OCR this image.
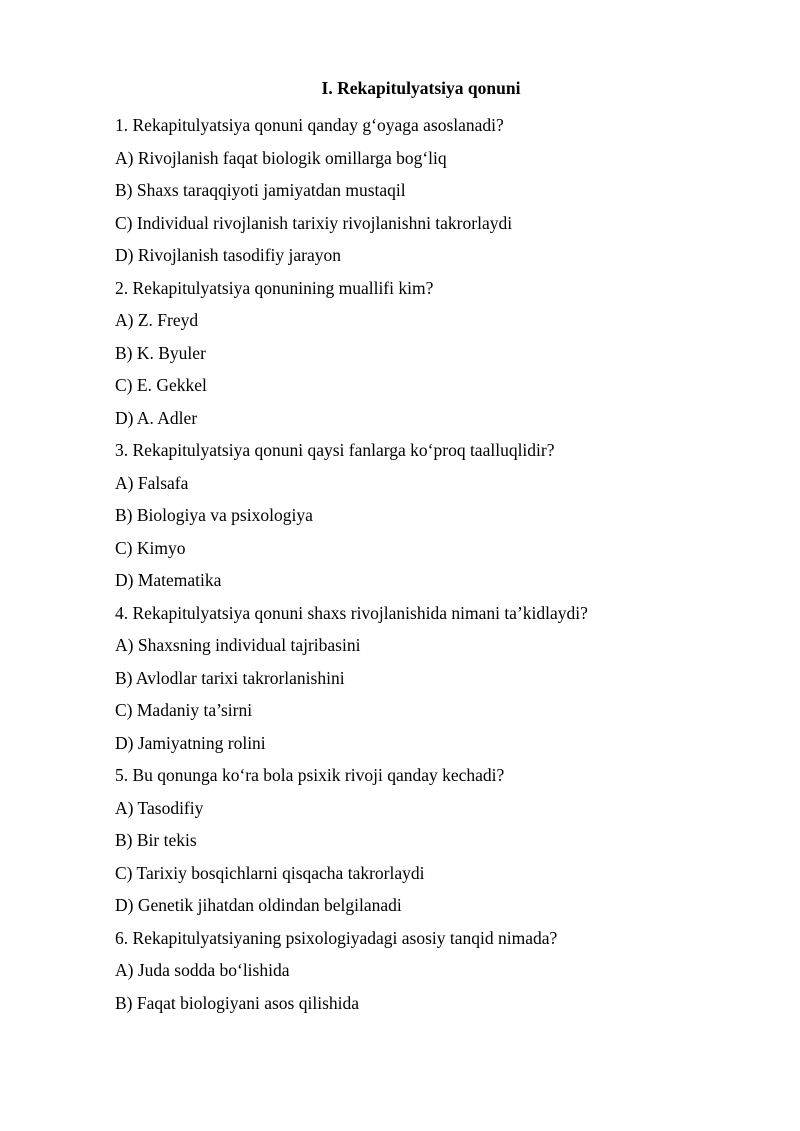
I. Rekapitulyatsiya qonuni
1. Rekapitulyatsiya qonuni qanday g‘oyaga asoslanadi?
A) Rivojlanish faqat biologik omillarga bog‘liq
B) Shaxs taraqqiyoti jamiyatdan mustaqil
C) Individual rivojlanish tarixiy rivojlanishni takrorlaydi
D) Rivojlanish tasodifiy jarayon
2. Rekapitulyatsiya qonunining muallifi kim?
A) Z. Freyd
B) K. Byuler
C) E. Gekkel
D) A. Adler
3. Rekapitulyatsiya qonuni qaysi fanlarga ko‘proq taalluqlidir?
A) Falsafa
B) Biologiya va psixologiya
C) Kimyo
D) Matematika
4. Rekapitulyatsiya qonuni shaxs rivojlanishida nimani ta’kidlaydi?
A) Shaxsning individual tajribasini
B) Avlodlar tarixi takrorlanishini
C) Madaniy ta’sirni
D) Jamiyatning rolini
5. Bu qonunga ko‘ra bola psixik rivoji qanday kechadi?
A) Tasodifiy
B) Bir tekis
C) Tarixiy bosqichlarni qisqacha takrorlaydi
D) Genetik jihatdan oldindan belgilanadi
6. Rekapitulyatsiyaning psixologiyadagi asosiy tanqid nimada?
A) Juda sodda bo‘lishida
B) Faqat biologiyani asos qilishida
